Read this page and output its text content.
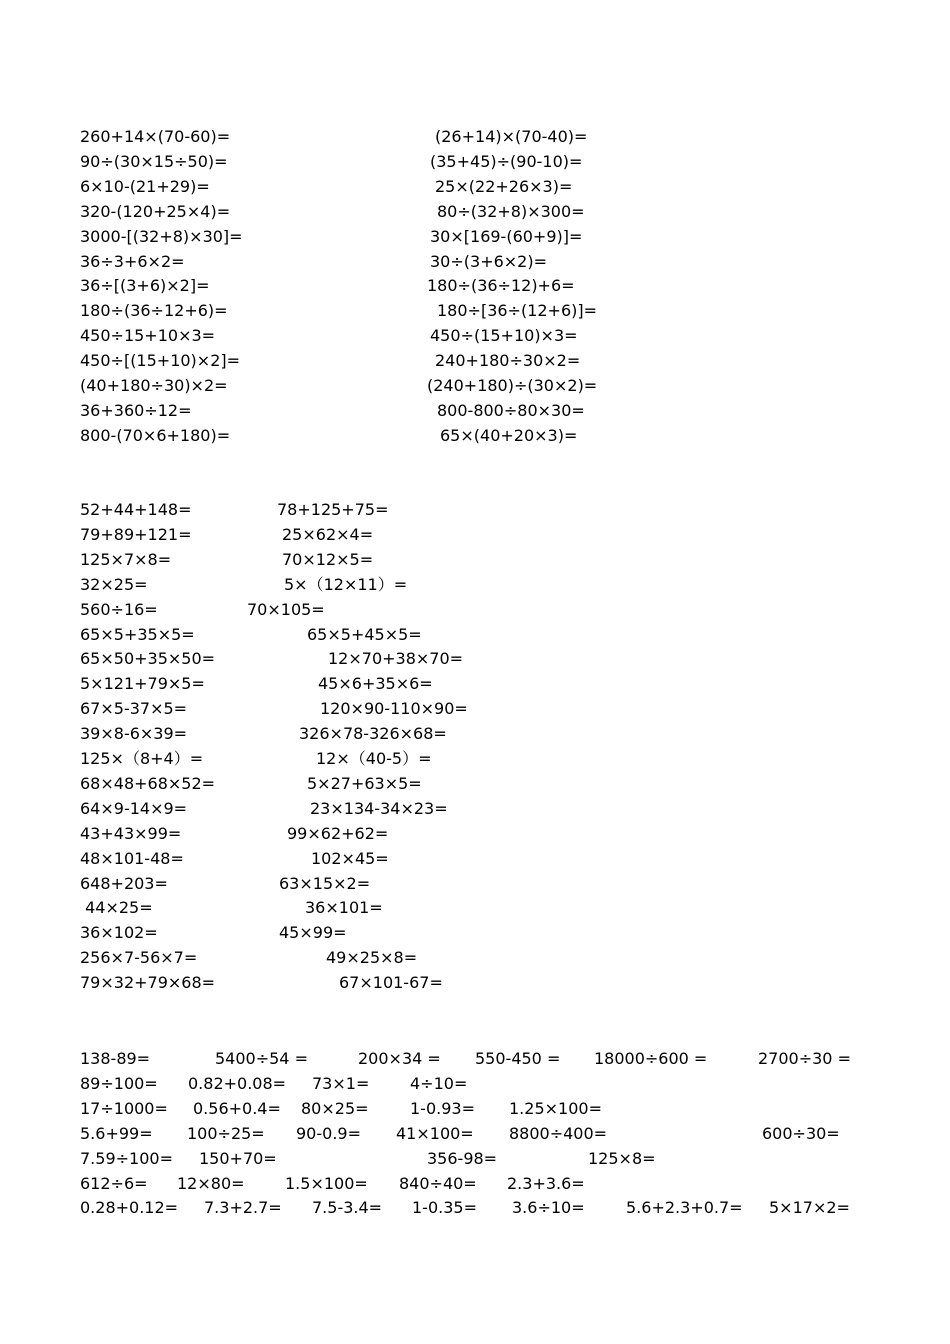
260+14×(70-60)=	(26+14)×(70-40)=
90÷(30×15÷50)=	(35+45)÷(90-10)=
6×10-(21+29)=	25×(22+26×3)=
320-(120+25×4)=	80÷(32+8)×300=
3000-[(32+8)×30]=	30×[169-(60+9)]=
36÷3+6×2=	30÷(3+6×2)=
36÷[(3+6)×2]=	180÷(36÷12)+6=
180÷(36÷12+6)=	180÷[36÷(12+6)]=
450÷15+10×3=	450÷(15+10)×3=
450÷[(15+10)×2]=	240+180÷30×2=
(40+180÷30)×2=	(240+180)÷(30×2)=
36+360÷12=	800-800÷80×30=
800-(70×6+180)=	65×(40+20×3)=
52+44+148=	78+125+75=
79+89+121=	25×62×4=
125×7×8=	70×12×5=
32×25=	5×（12×11）=
560÷16=	70×105=
65×5+35×5=	65×5+45×5=
65×50+35×50=	12×70+38×70=
5×121+79×5=	45×6+35×6=
67×5-37×5=	120×90-110×90=
39×8-6×39=	326×78-326×68=
125×（8+4）=	12×（40-5）=
68×48+68×52=	5×27+63×5=
64×9-14×9=	23×134-34×23=
43+43×99=	99×62+62=
48×101-48=	102×45=
648+203=	63×15×2=
44×25=	36×101=
36×102=	45×99=
256×7-56×7=	49×25×8=
79×32+79×68=	67×101-67=
138-89=	5400÷54 =	200×34 = 550-450 = 18000÷600 =	2700÷30 =
89÷100= 0.82+0.08= 73×1=	4÷10=
17÷1000= 0.56+0.4= 80×25=	1-0.93= 1.25×100=
5.6+99= 100÷25= 90-0.9= 41×100= 8800÷400=	600÷30=
7.59÷100= 150+70=	356-98=	125×8=
612÷6= 12×80=	1.5×100= 840÷40= 2.3+3.6=
0.28+0.12= 7.3+2.7= 7.5-3.4= 1-0.35= 3.6÷10=	5.6+2.3+0.7= 5×17×2=
